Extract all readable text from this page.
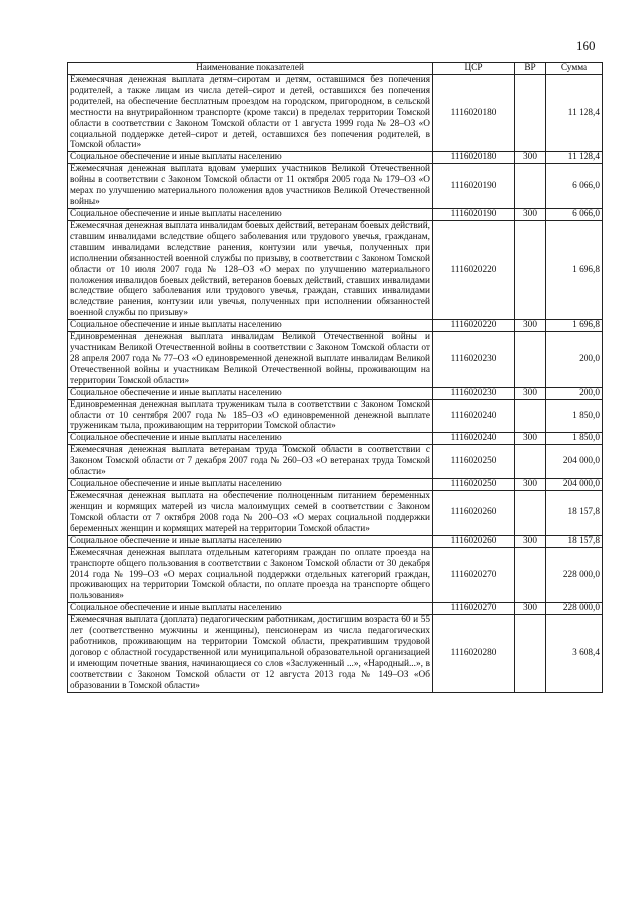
160
Наименование показателей	ЦСР	ВР	Сумма
Ежемесячная денежная выплата детям–сиротам и детям, оставшимся без попечения родителей, а также лицам из числа детей–сирот и детей, оставшихся без попечения родителей, на обеспечение бесплатным проездом на городском, пригородном, в сельской местности на внутрирайонном транспорте (кроме такси) в пределах территории Томской области в соответствии с Законом Томской области от 1 августа 1999 года № 28–ОЗ «О социальной поддержке детей–сирот и детей, оставшихся без попечения родителей, в Томской области»	1116020180		11 128,4
Социальное обеспечение и иные выплаты населению	1116020180	300	11 128,4
Ежемесячная денежная выплата вдовам умерших участников Великой Отечественной войны в соответствии с Законом Томской области от 11 октября 2005 года № 179–ОЗ «О мерах по улучшению материального положения вдов участников Великой Отечественной войны»	1116020190		6 066,0
Социальное обеспечение и иные выплаты населению	1116020190	300	6 066,0
Ежемесячная денежная выплата инвалидам боевых действий, ветеранам боевых действий, ставшим инвалидами вследствие общего заболевания или трудового увечья, гражданам, ставшим инвалидами вследствие ранения, контузии или увечья, полученных при исполнении обязанностей военной службы по призыву, в соответствии с Законом Томской области от 10 июля 2007 года № 128–ОЗ «О мерах по улучшению материального положения инвалидов боевых действий, ветеранов боевых действий, ставших инвалидами вследствие общего заболевания или трудового увечья, граждан, ставших инвалидами вследствие ранения, контузии или увечья, полученных при исполнении обязанностей военной службы по призыву»	1116020220		1 696,8
Социальное обеспечение и иные выплаты населению	1116020220	300	1 696,8
Единовременная денежная выплата инвалидам Великой Отечественной войны и участникам Великой Отечественной войны в соответствии с Законом Томской области от 28 апреля 2007 года № 77–ОЗ «О единовременной денежной выплате инвалидам Великой Отечественной войны и участникам Великой Отечественной войны, проживающим на территории Томской области»	1116020230		200,0
Социальное обеспечение и иные выплаты населению	1116020230	300	200,0
Единовременная денежная выплата труженикам тыла в соответствии с Законом Томской области от 10 сентября 2007 года № 185–ОЗ «О единовременной денежной выплате труженикам тыла, проживающим на территории Томской области»	1116020240		1 850,0
Социальное обеспечение и иные выплаты населению	1116020240	300	1 850,0
Ежемесячная денежная выплата ветеранам труда Томской области в соответствии с Законом Томской области от 7 декабря 2007 года № 260–ОЗ «О ветеранах труда Томской области»	1116020250		204 000,0
Социальное обеспечение и иные выплаты населению	1116020250	300	204 000,0
Ежемесячная денежная выплата на обеспечение полноценным питанием беременных женщин и кормящих матерей из числа малоимущих семей в соответствии с Законом Томской области от 7 октября 2008 года № 200–ОЗ «О мерах социальной поддержки беременных женщин и кормящих матерей на территории Томской области»	1116020260		18 157,8
Социальное обеспечение и иные выплаты населению	1116020260	300	18 157,8
Ежемесячная денежная выплата отдельным категориям граждан по оплате проезда на транспорте общего пользования в соответствии с Законом Томской области от 30 декабря 2014 года № 199–ОЗ «О мерах социальной поддержки отдельных категорий граждан, проживающих на территории Томской области, по оплате проезда на транспорте общего пользования»	1116020270		228 000,0
Социальное обеспечение и иные выплаты населению	1116020270	300	228 000,0
Ежемесячная выплата (доплата) педагогическим работникам, достигшим возраста 60 и 55 лет (соответственно мужчины и женщины), пенсионерам из числа педагогических работников, проживающим на территории Томской области, прекратившим трудовой договор с областной государственной или муниципальной образовательной организацией и имеющим почетные звания, начинающиеся со слов «Заслуженный ...», «Народный...», в соответствии с Законом Томской области от 12 августа 2013 года № 149–ОЗ «Об образовании в Томской области»	1116020280		3 608,4
